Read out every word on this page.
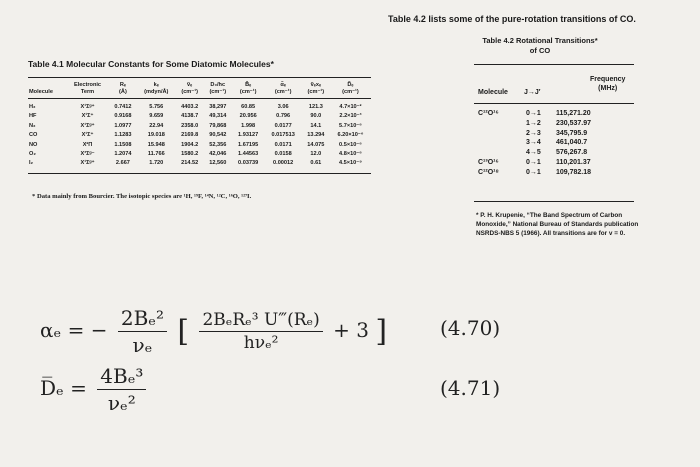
Table 4.1 Molecular Constants for Some Diatomic Molecules*
	Electronic	Rₑ	kₑ	ṽₑ	D₀/hc	B̃ₑ	α̃ₑ	ṽₑxₑ	D̃ₑ
Molecule	Term	(Å)	(mdyn/Å)	(cm⁻¹)	(cm⁻¹)	(cm⁻¹)	(cm⁻¹)	(cm⁻¹)	(cm⁻¹)
H₂	X¹Σᵍ⁺	0.7412	5.756	4403.2	38,297	60.85	3.06	121.3	4.7×10⁻²
HF	X¹Σ⁺	0.9168	9.659	4138.7	49,314	20.956	0.796	90.0	2.2×10⁻³
N₂	X¹Σᵍ⁺	1.0977	22.94	2358.0	79,868	1.998	0.0177	14.1	5.7×10⁻⁶
CO	X¹Σ⁺	1.1283	19.018	2169.8	90,542	1.93127	0.017513	13.294	6.20×10⁻⁶
NO	X²Π	1.1508	15.948	1904.2	52,356	1.67195	0.0171	14.075	0.5×10⁻⁶
O₂	X³Σᵍ⁻	1.2074	11.766	1580.2	42,046	1.44563	0.0158	12.0	4.8×10⁻⁶
I₂	X¹Σᵍ⁺	2.667	1.720	214.52	12,560	0.03739	0.00012	0.61	4.5×10⁻⁹
* Data mainly from Bourcier. The isotopic species are ¹H, ¹⁹F, ¹⁴N, ¹²C, ¹⁶O, ¹²⁷I.
Table 4.2 lists some of the pure-rotation transitions of CO.
Table 4.2 Rotational Transitions*
of CO
Molecule J→J′
Frequency
(MHz)
C¹²O¹⁶	0→1 115,271.20
1→2 230,537.97
2→3 345,795.9
3→4 461,040.7
4→5 576,267.8
C¹³O¹⁶	0→1 110,201.37
C¹²O¹⁸	0→1 109,782.18
* P. H. Krupenie, “The Band Spectrum of Carbon Monoxide,” National Bureau of Standards publication NSRDS-NBS 5 (1966). All transitions are for v = 0.
αₑ = − $\frac{\text{2Bₑ²}}{\text{νₑ}}$ [ $\frac{\text{2BₑRₑ³ U‴(Rₑ)}}{\text{hνₑ²}} + 3$ ]	(4.70)
D̅ₑ = $\frac{\text{4Bₑ³}}{\text{νₑ²}}$	(4.71)
